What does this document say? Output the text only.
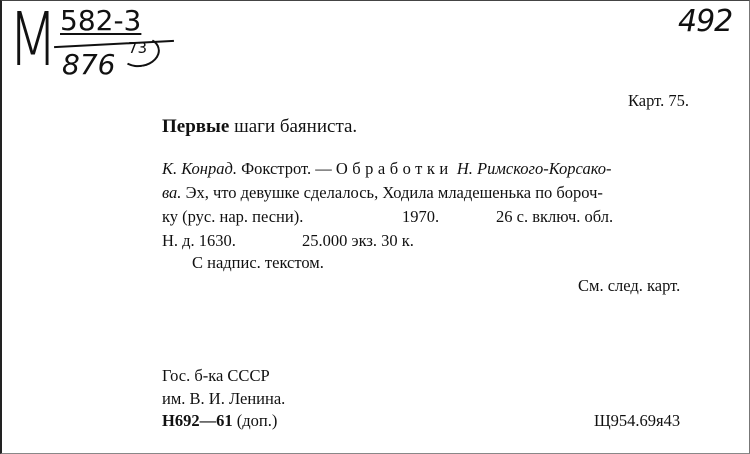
М 582-3
876 73
492
Карт. 75.
Первые шаги баяниста.
К. Конрад. Фокстрот. — Обработки Н. Римского-Корсако-
ва. Эх, что девушке сделалось, Ходила младешенька по бороч-
ку (рус. нар. песни).	1970.	26 с. включ. обл.
Н. д. 1630.	25.000 экз. 30 к.
С надпис. текстом.
См. след. карт.
Гос. б-ка СССР
им. В. И. Ленина.
Н692—61 (доп.)	Щ954.69я43
